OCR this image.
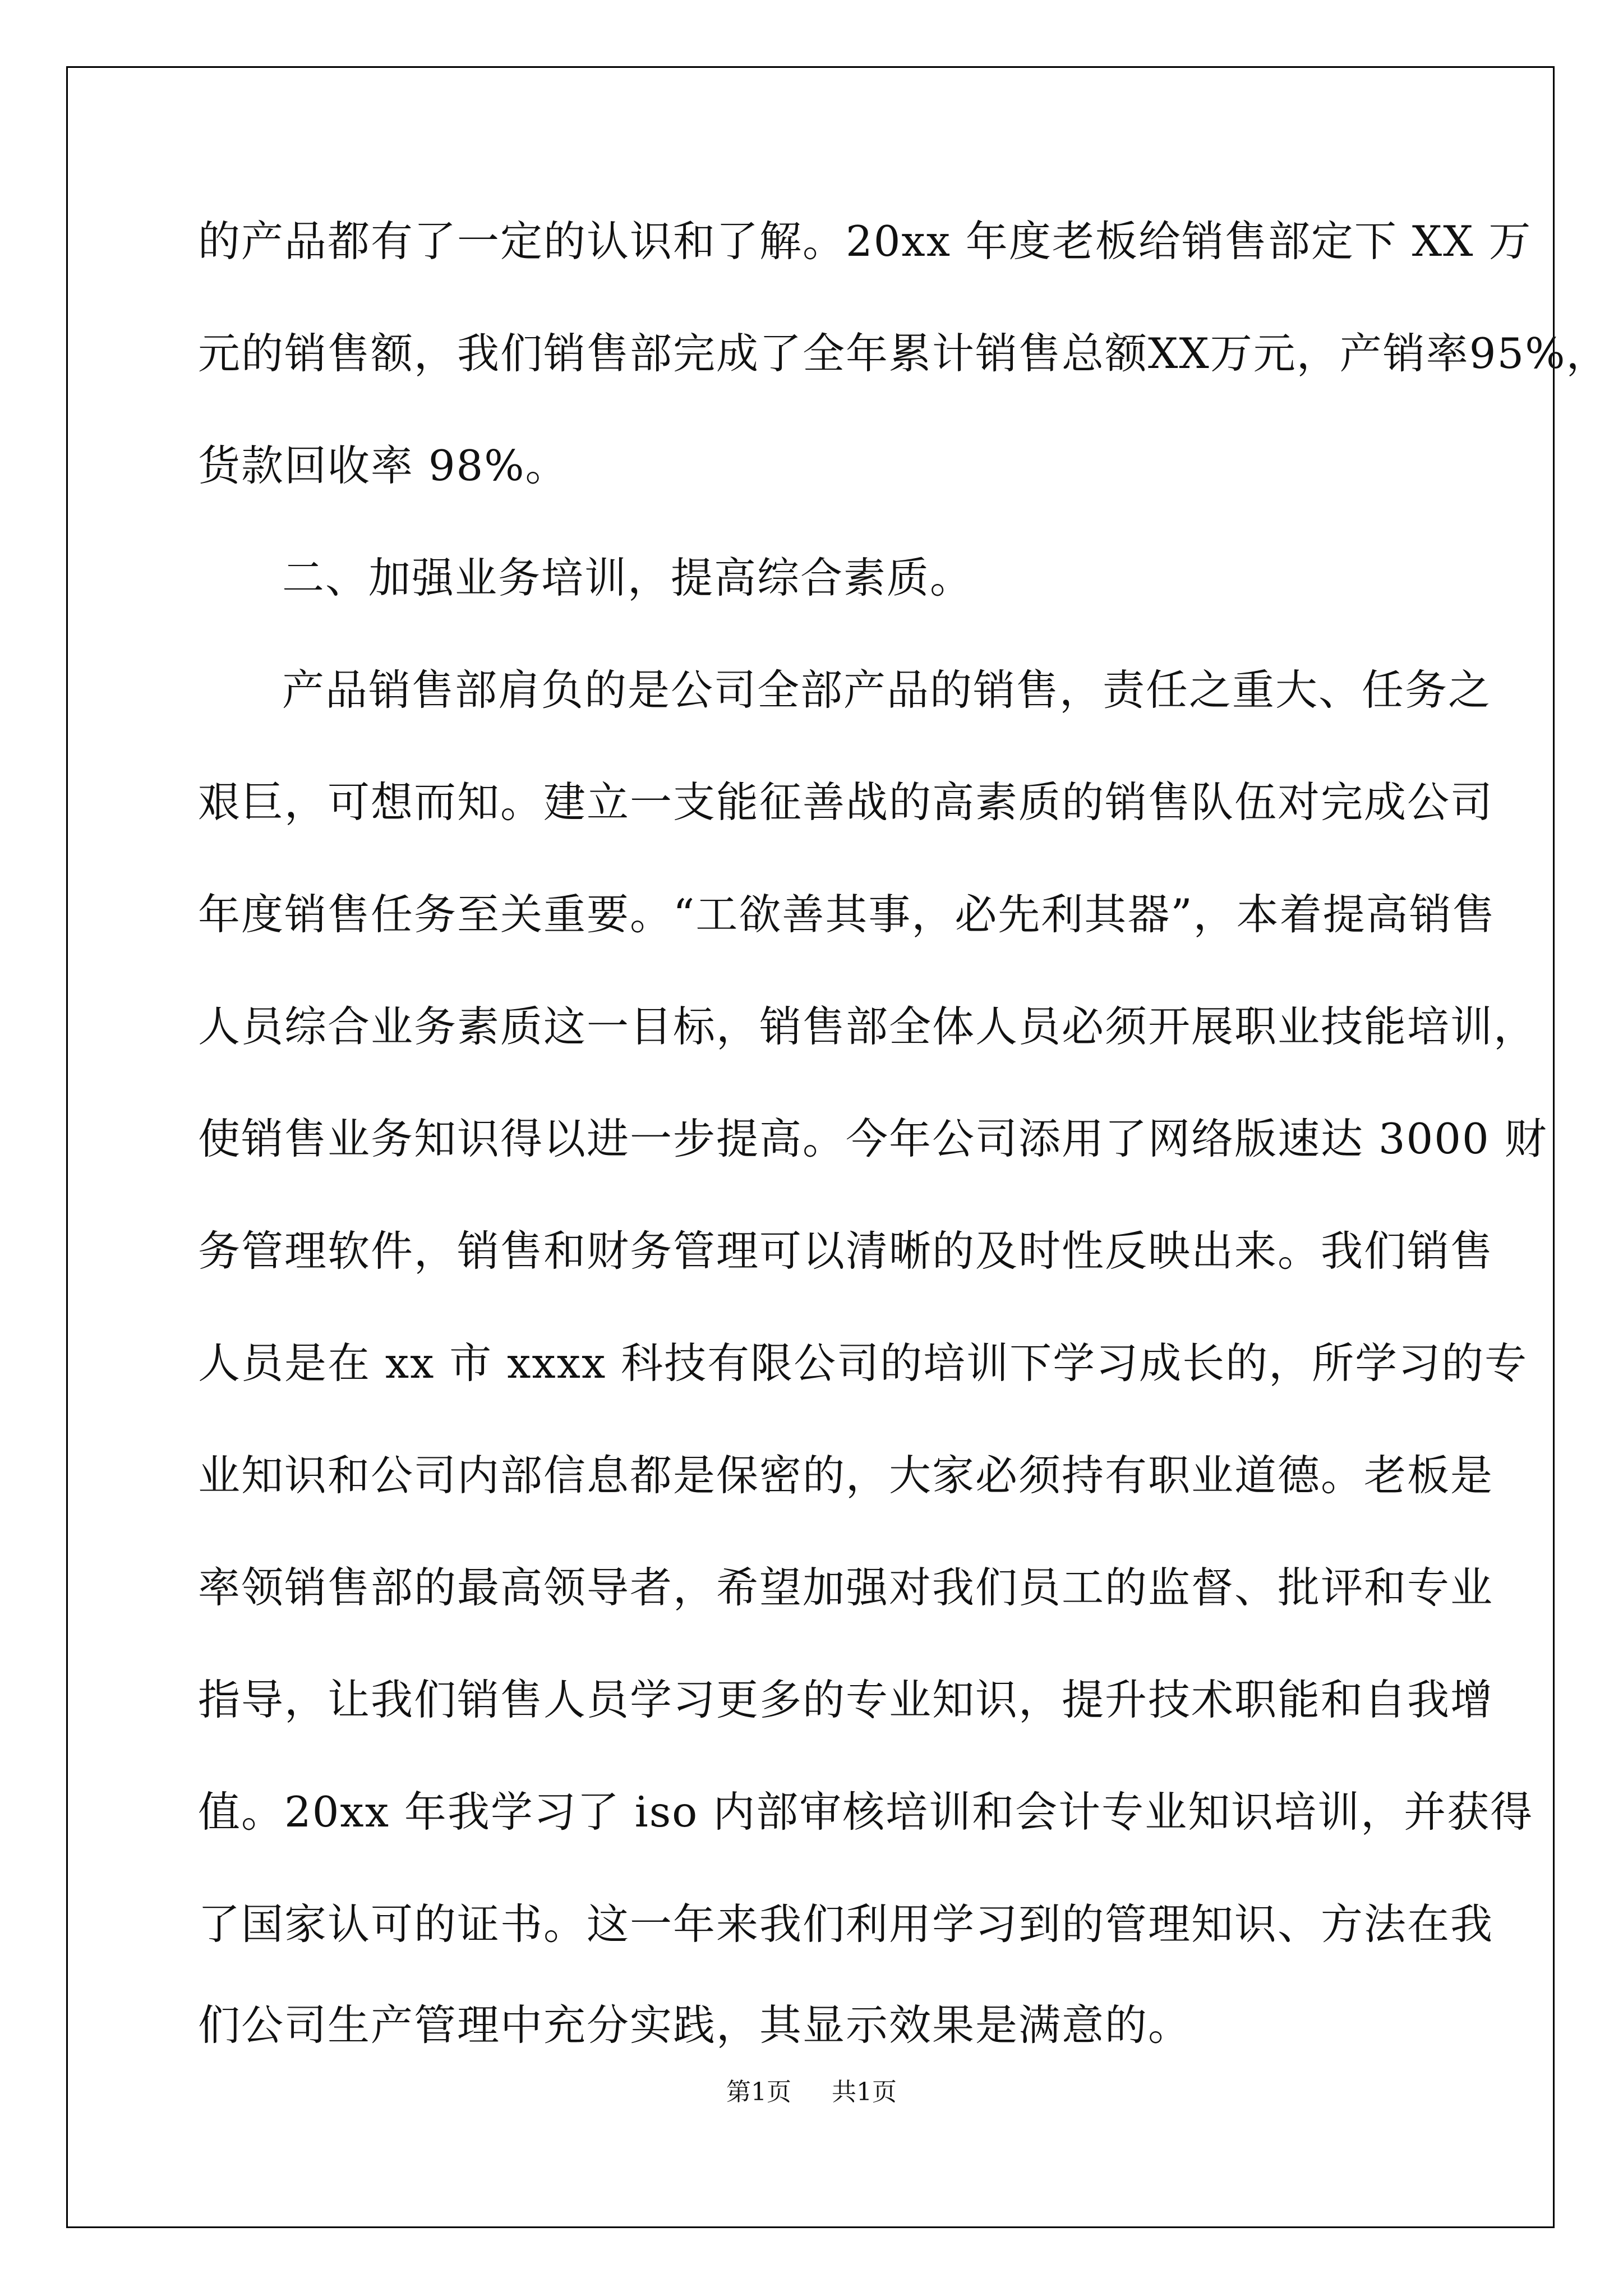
的产品都有了一定的认识和了解。20xx 年度老板给销售部定下 XX 万
元的销售额，我们销售部完成了全年累计销售总额XX万元，产销率95%，
货款回收率 98%。
二、加强业务培训，提高综合素质。
产品销售部肩负的是公司全部产品的销售，责任之重大、任务之
艰巨，可想而知。建立一支能征善战的高素质的销售队伍对完成公司
年度销售任务至关重要。“工欲善其事，必先利其器”，本着提高销售
人员综合业务素质这一目标，销售部全体人员必须开展职业技能培训，
使销售业务知识得以进一步提高。今年公司添用了网络版速达 3000 财
务管理软件，销售和财务管理可以清晰的及时性反映出来。我们销售
人员是在 xx 市 xxxx 科技有限公司的培训下学习成长的，所学习的专
业知识和公司内部信息都是保密的，大家必须持有职业道德。老板是
率领销售部的最高领导者，希望加强对我们员工的监督、批评和专业
指导，让我们销售人员学习更多的专业知识，提升技术职能和自我增
值。20xx 年我学习了 iso 内部审核培训和会计专业知识培训，并获得
了国家认可的证书。这一年来我们利用学习到的管理知识、方法在我
们公司生产管理中充分实践，其显示效果是满意的。
第1页 　 共1页
